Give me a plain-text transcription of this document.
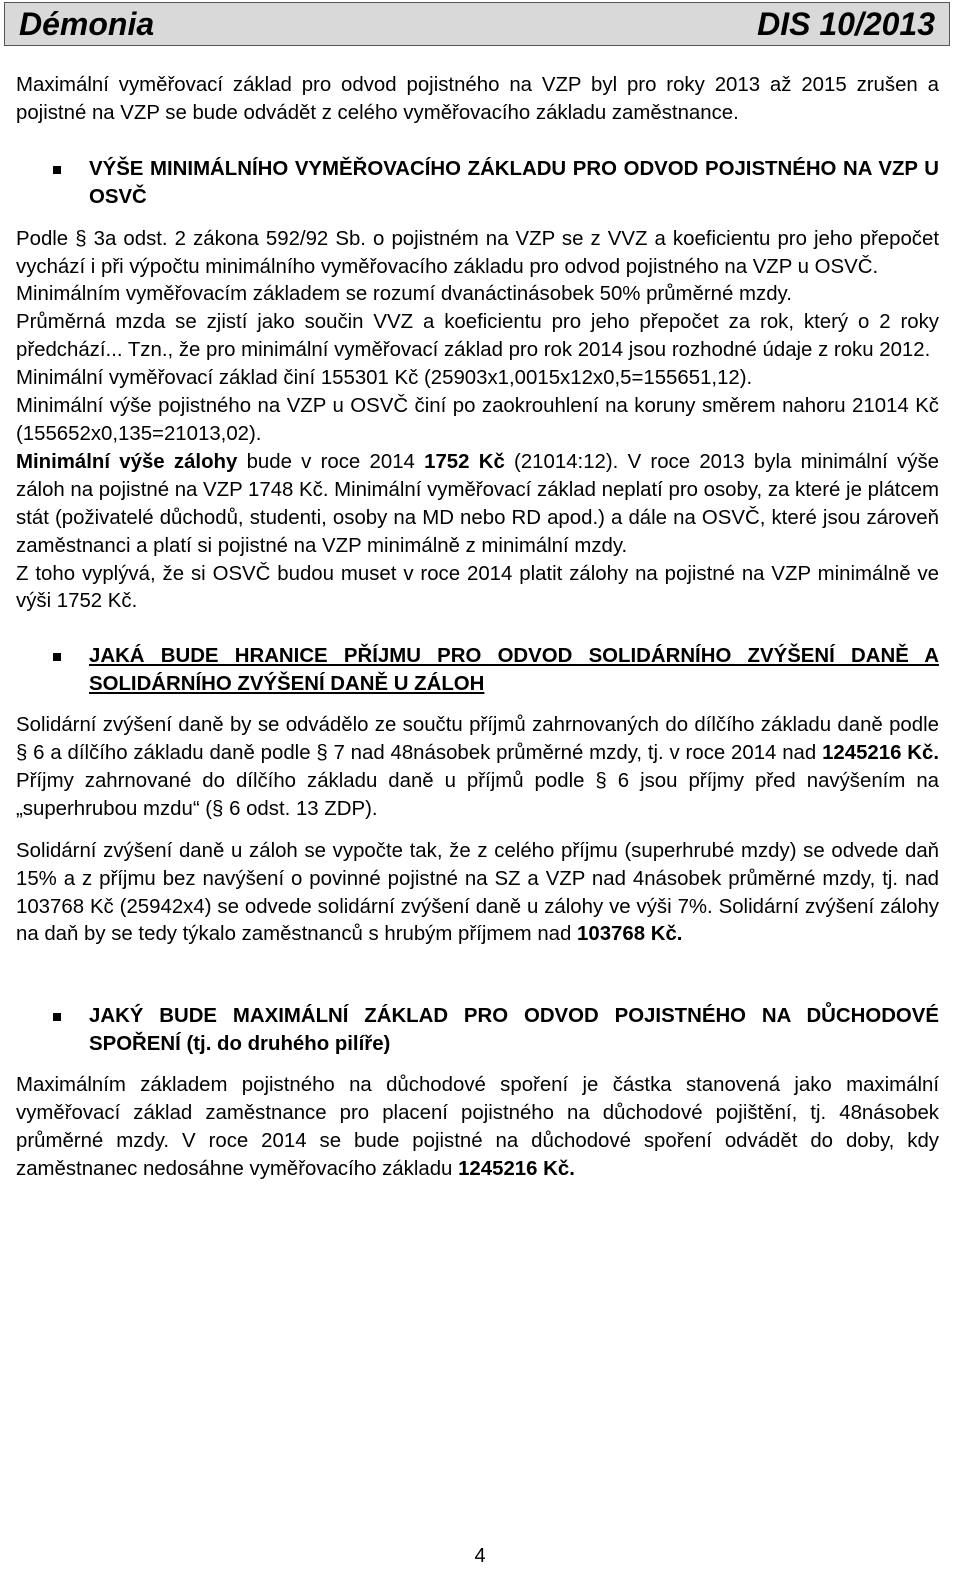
Démonia	DIS 10/2013

Maximální vyměřovací základ pro odvod pojistného na VZP byl pro roky 2013 až 2015 zrušen a pojistné na VZP se bude odvádět z celého vyměřovacího základu zaměstnance.

VÝŠE MINIMÁLNÍHO VYMĚŘOVACÍHO ZÁKLADU PRO ODVOD POJISTNÉHO NA VZP U OSVČ

Podle § 3a odst. 2 zákona 592/92 Sb. o pojistném na VZP se z VVZ a koeficientu pro jeho přepočet vychází i při výpočtu minimálního vyměřovacího základu pro odvod pojistného na VZP u OSVČ.

Minimálním vyměřovacím základem se rozumí dvanáctinásobek 50% průměrné mzdy.

Průměrná mzda se zjistí jako součin VVZ a koeficientu pro jeho přepočet za rok, který o 2 roky předchází... Tzn., že pro minimální vyměřovací základ pro rok 2014 jsou rozhodné údaje z roku 2012.

Minimální vyměřovací základ činí 155301 Kč (25903x1,0015x12x0,5=155651,12).

Minimální výše pojistného na VZP u OSVČ činí po zaokrouhlení na koruny směrem nahoru 21014 Kč (155652x0,135=21013,02).

Minimální výše zálohy bude v roce 2014 1752 Kč (21014:12). V roce 2013 byla minimální výše záloh na pojistné na VZP 1748 Kč. Minimální vyměřovací základ neplatí pro osoby, za které je plátcem stát (poživatelé důchodů, studenti, osoby na MD nebo RD apod.) a dále na OSVČ, které jsou zároveň zaměstnanci a platí si pojistné na VZP minimálně z minimální mzdy.

Z toho vyplývá, že si OSVČ budou muset v roce 2014 platit zálohy na pojistné na VZP minimálně ve výši 1752 Kč.

JAKÁ BUDE HRANICE PŘÍJMU PRO ODVOD SOLIDÁRNÍHO ZVÝŠENÍ DANĚ A SOLIDÁRNÍHO ZVÝŠENÍ DANĚ U ZÁLOH

Solidární zvýšení daně by se odvádělo ze součtu příjmů zahrnovaných do dílčího základu daně podle § 6 a dílčího základu daně podle § 7 nad 48násobek průměrné mzdy, tj. v roce 2014 nad 1245216 Kč. Příjmy zahrnované do dílčího základu daně u příjmů podle § 6 jsou příjmy před navýšením na „superhrubou mzdu“ (§ 6 odst. 13 ZDP).

Solidární zvýšení daně u záloh se vypočte tak, že z celého příjmu (superhrubé mzdy) se odvede daň 15% a z příjmu bez navýšení o povinné pojistné na SZ a VZP nad 4násobek průměrné mzdy, tj. nad 103768 Kč (25942x4) se odvede solidární zvýšení daně u zálohy ve výši 7%. Solidární zvýšení zálohy na daň by se tedy týkalo zaměstnanců s hrubým příjmem nad 103768 Kč.

JAKÝ BUDE MAXIMÁLNÍ ZÁKLAD PRO ODVOD POJISTNÉHO NA DŮCHODOVÉ SPOŘENÍ (tj. do druhého pilíře)

Maximálním základem pojistného na důchodové spoření je částka stanovená jako maximální vyměřovací základ zaměstnance pro placení pojistného na důchodové pojištění, tj. 48násobek průměrné mzdy. V roce 2014 se bude pojistné na důchodové spoření odvádět do doby, kdy zaměstnanec nedosáhne vyměřovacího základu 1245216 Kč.

4
